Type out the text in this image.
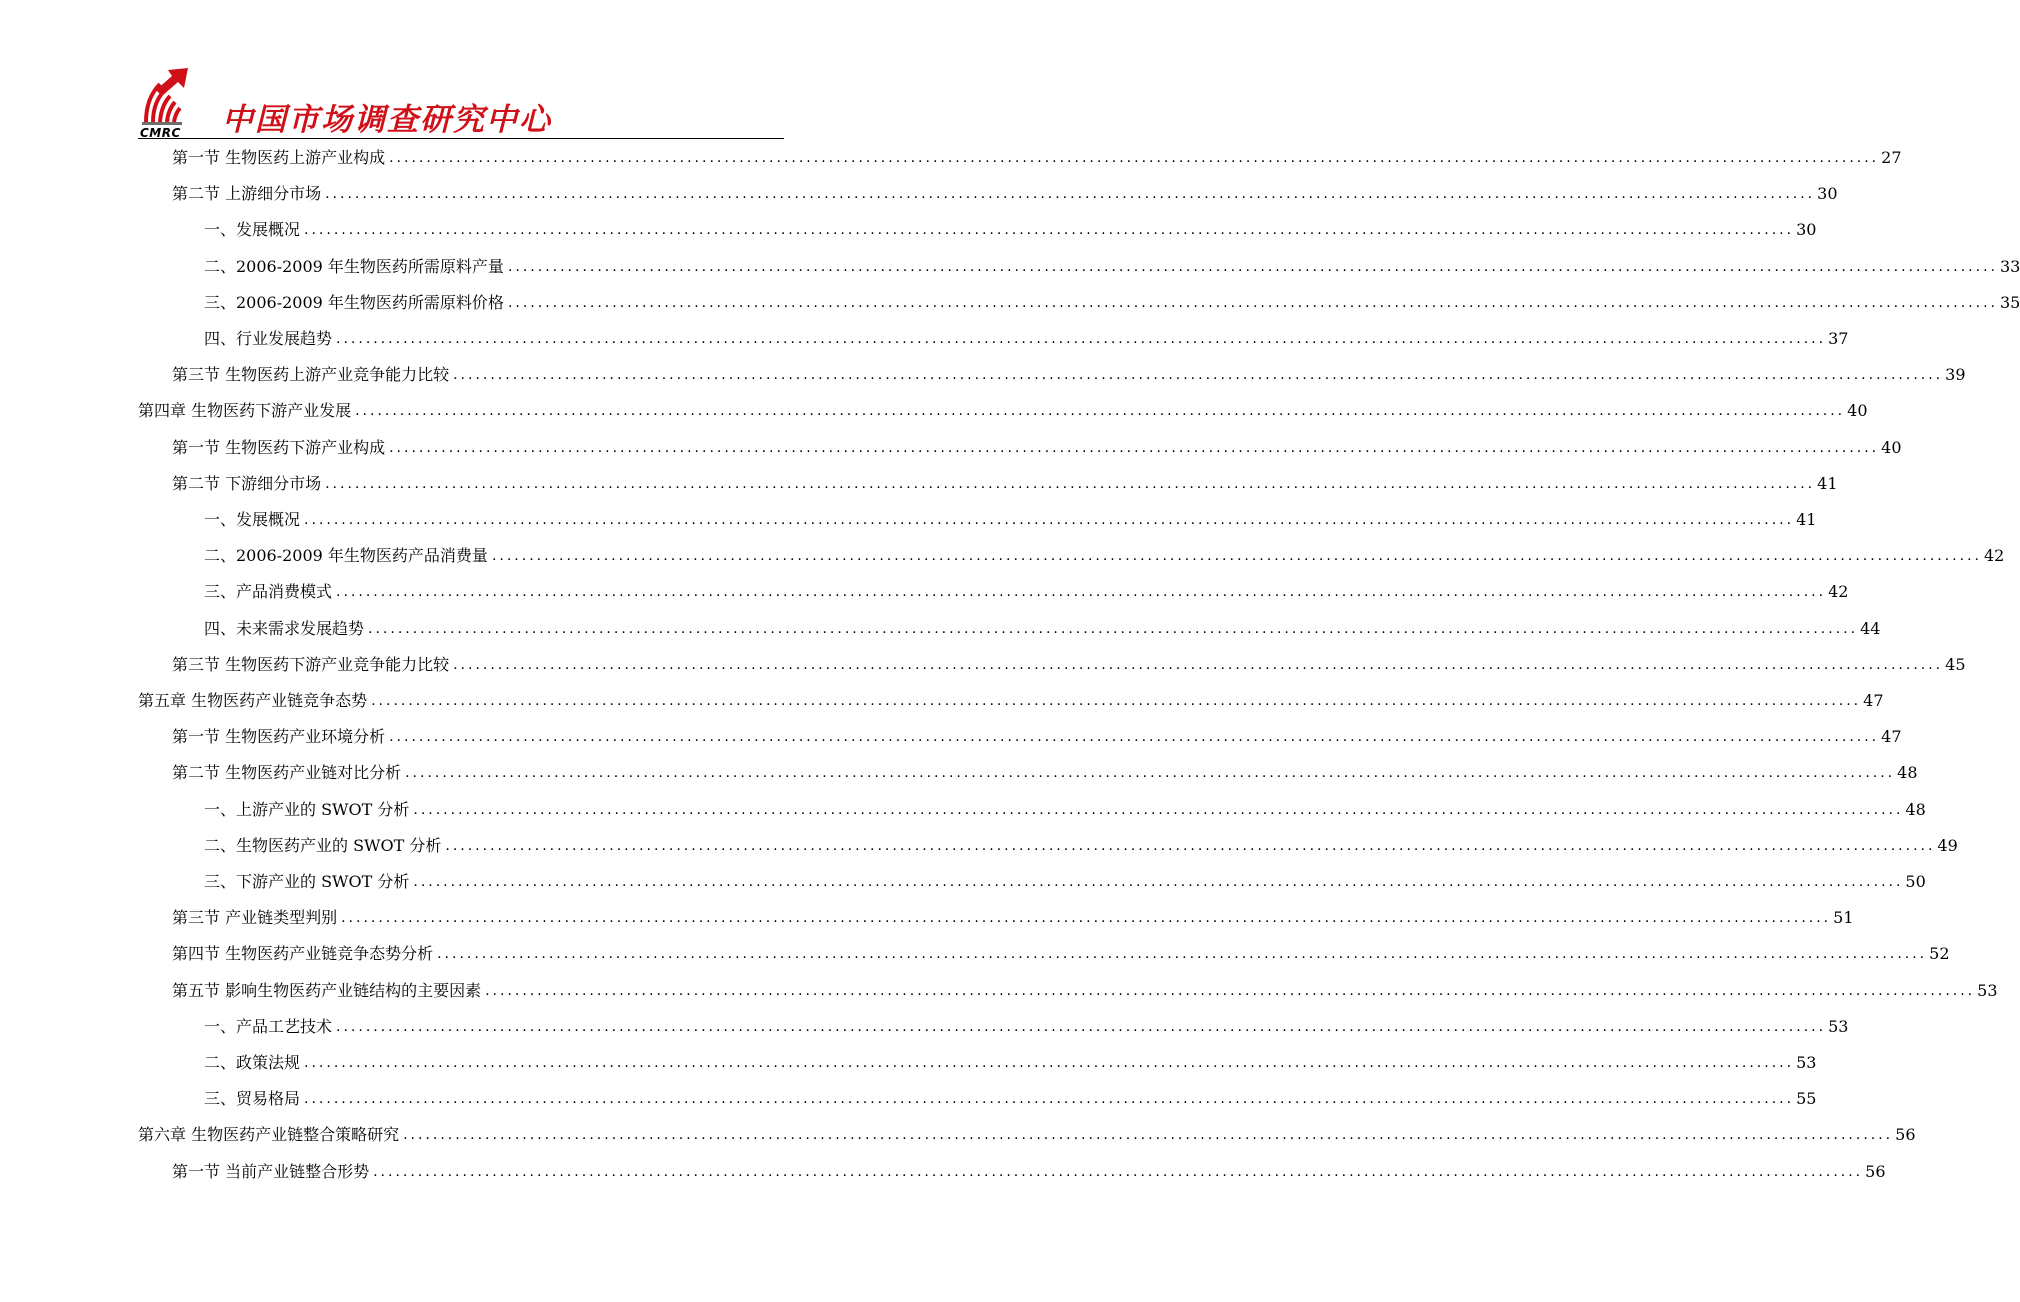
CMRC 中国市场调查研究中心
第一节 生物医药上游产业构成 ........................................................................................................................................................................................................ 27
第二节 上游细分市场 ........................................................................................................................................................................................................ 30
一、发展概况 ........................................................................................................................................................................................................ 30
二、2006-2009 年生物医药所需原料产量 ........................................................................................................................................................................................................ 33
三、2006-2009 年生物医药所需原料价格 ........................................................................................................................................................................................................ 35
四、行业发展趋势 ........................................................................................................................................................................................................ 37
第三节 生物医药上游产业竞争能力比较 ........................................................................................................................................................................................................ 39
第四章 生物医药下游产业发展 ........................................................................................................................................................................................................ 40
第一节 生物医药下游产业构成 ........................................................................................................................................................................................................ 40
第二节 下游细分市场 ........................................................................................................................................................................................................ 41
一、发展概况 ........................................................................................................................................................................................................ 41
二、2006-2009 年生物医药产品消费量 ........................................................................................................................................................................................................ 42
三、产品消费模式 ........................................................................................................................................................................................................ 42
四、未来需求发展趋势 ........................................................................................................................................................................................................ 44
第三节 生物医药下游产业竞争能力比较 ........................................................................................................................................................................................................ 45
第五章 生物医药产业链竞争态势 ........................................................................................................................................................................................................ 47
第一节 生物医药产业环境分析 ........................................................................................................................................................................................................ 47
第二节 生物医药产业链对比分析 ........................................................................................................................................................................................................ 48
一、上游产业的 SWOT 分析 ........................................................................................................................................................................................................ 48
二、生物医药产业的 SWOT 分析 ........................................................................................................................................................................................................ 49
三、下游产业的 SWOT 分析 ........................................................................................................................................................................................................ 50
第三节 产业链类型判别 ........................................................................................................................................................................................................ 51
第四节 生物医药产业链竞争态势分析 ........................................................................................................................................................................................................ 52
第五节 影响生物医药产业链结构的主要因素 ........................................................................................................................................................................................................ 53
一、产品工艺技术 ........................................................................................................................................................................................................ 53
二、政策法规 ........................................................................................................................................................................................................ 53
三、贸易格局 ........................................................................................................................................................................................................ 55
第六章 生物医药产业链整合策略研究 ........................................................................................................................................................................................................ 56
第一节 当前产业链整合形势 ........................................................................................................................................................................................................ 56
